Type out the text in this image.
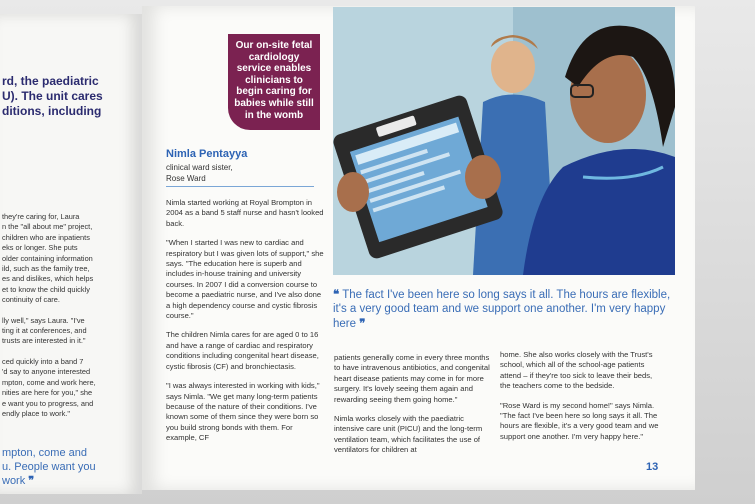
rd, the paediatric
U). The unit cares
ditions, including

they're caring for, Laura
n the "all about me" project,
children who are inpatients
eks or longer. She puts
older containing information
ild, such as the family tree,
es and dislikes, which helps
et to know the child quickly
continuity of care.

lly well," says Laura. "I've
ting it at conferences, and
trusts are interested in it."

ced quickly into a band 7
'd say to anyone interested
mpton, come and work here,
nities are here for you," she
e want you to progress, and
endly place to work."

mpton, come and
u. People want you
work ❞
Our on-site fetal cardiology service enables clinicians to begin caring for babies while still in the womb
Nimla Pentayya
clinical ward sister,
Rose Ward

Nimla started working at Royal Brompton in 2004 as a band 5 staff nurse and hasn't looked back.

"When I started I was new to cardiac and respiratory but I was given lots of support," she says. "The education here is superb and includes in-house training and university courses. In 2007 I did a conversion course to become a paediatric nurse, and I've also done a high dependency course and cystic fibrosis course."

The children Nimla cares for are aged 0 to 16 and have a range of cardiac and respiratory conditions including congenital heart disease, cystic fibrosis (CF) and bronchiectasis.

"I was always interested in working with kids," says Nimla. "We get many long-term patients because of the nature of their conditions. I've known some of them since they were born so you build strong bonds with them. For example, CF

❝ The fact I've been here so long says it all. The hours are flexible, it's a very good team and we support one another. I'm very happy here ❞

patients generally come in every three months to have intravenous antibiotics, and congenital heart disease patients may come in for more surgery. It's lovely seeing them again and rewarding seeing them going home."

Nimla works closely with the paediatric intensive care unit (PICU) and the long-term ventilation team, which facilitates the use of ventilators for children at

home. She also works closely with the Trust's school, which all of the school-age patients attend – if they're too sick to leave their beds, the teachers come to the bedside.

"Rose Ward is my second home!" says Nimla. "The fact I've been here so long says it all. The hours are flexible, it's a very good team and we support one another. I'm very happy here."

13
